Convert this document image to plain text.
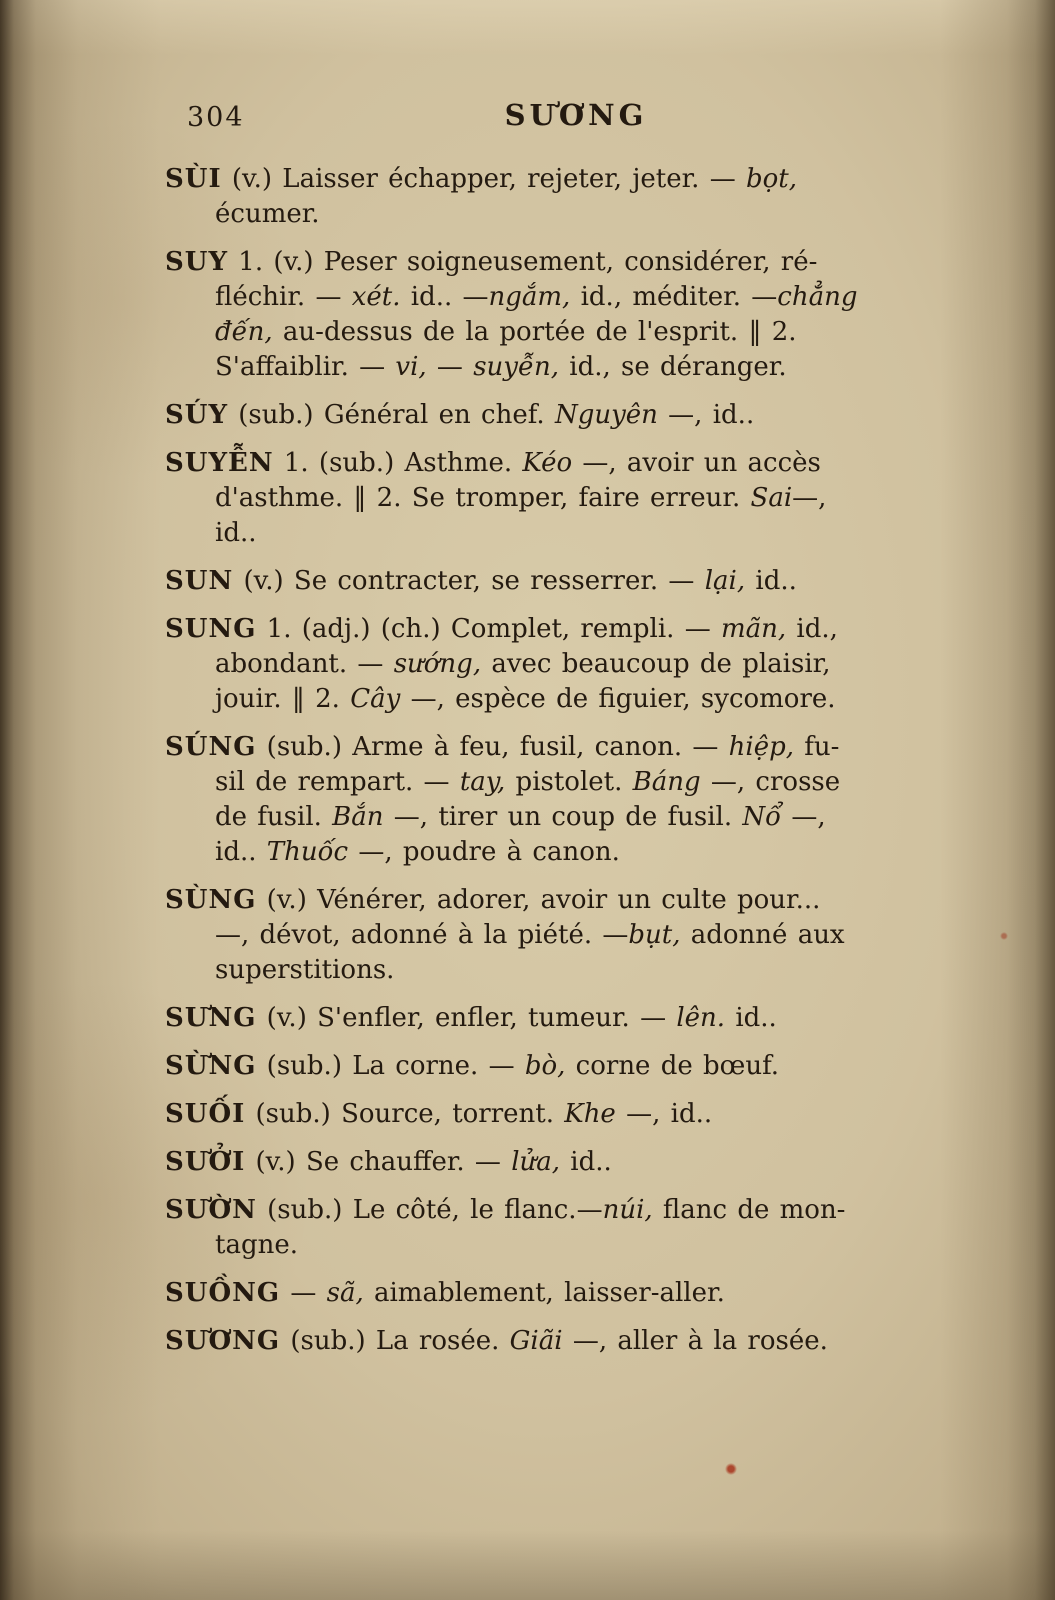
304	SƯƠNG

SÙI (v.) Laisser échapper, rejeter, jeter. — bọt,
écumer.

SUY 1. (v.) Peser soigneusement, considérer, ré-
fléchir. — xét. id.. —ngắm, id., méditer. —chẳng
đến, au-dessus de la portée de l'esprit. ‖ 2.
S'affaiblir. — vi, — suyễn, id., se déranger.

SÚY (sub.) Général en chef. Nguyên —, id..

SUYỄN 1. (sub.) Asthme. Kéo —, avoir un accès
d'asthme. ‖ 2. Se tromper, faire erreur. Sai—,
id..

SUN (v.) Se contracter, se resserrer. — lại, id..

SUNG 1. (adj.) (ch.) Complet, rempli. — mãn, id.,
abondant. — sướng, avec beaucoup de plaisir,
jouir. ‖ 2. Cây —, espèce de figuier, sycomore.

SÚNG (sub.) Arme à feu, fusil, canon. — hiệp, fu-
sil de rempart. — tay, pistolet. Báng —, crosse
de fusil. Bắn —, tirer un coup de fusil. Nổ —,
id.. Thuốc —, poudre à canon.

SÙNG (v.) Vénérer, adorer, avoir un culte pour...
—, dévot, adonné à la piété. —bụt, adonné aux
superstitions.

SƯNG (v.) S'enfler, enfler, tumeur. — lên. id..

SỪNG (sub.) La corne. — bò, corne de bœuf.

SUỐI (sub.) Source, torrent. Khe —, id..

SƯỞI (v.) Se chauffer. — lửa, id..

SƯỜN (sub.) Le côté, le flanc.—núi, flanc de mon-
tagne.

SUỒNG — sã, aimablement, laisser-aller.

SƯƠNG (sub.) La rosée. Giãi —, aller à la rosée.
